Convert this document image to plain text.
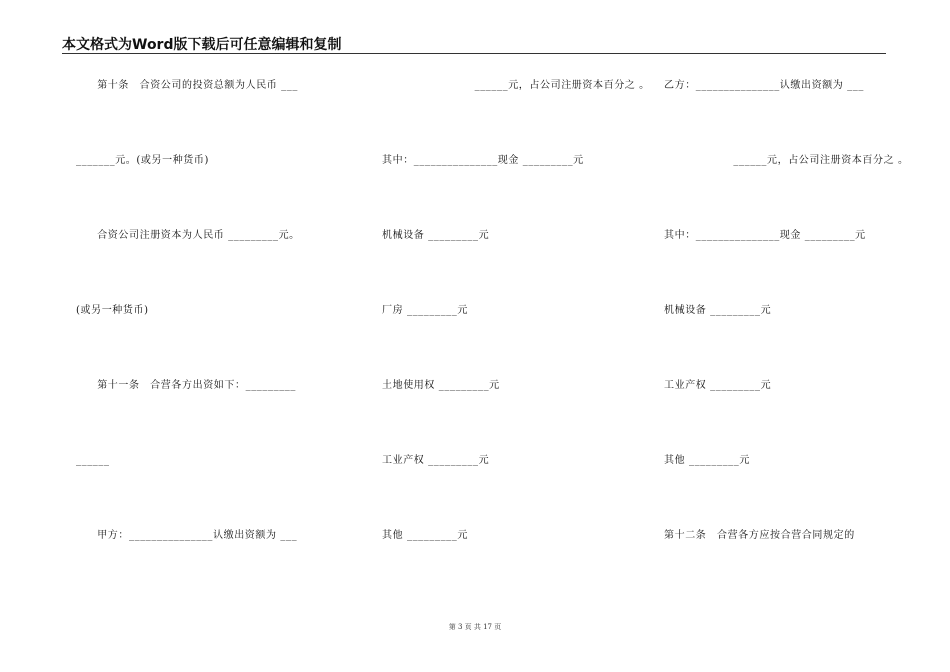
本文格式为Word版下载后可任意编辑和复制
　　第十条　合资公司的投资总额为人民币 ___
_______元。(或另一种货币)
　　合资公司注册资本为人民币 _________元。
(或另一种货币)
　　第十一条　合营各方出资如下：_________
______
　　甲方：_______________认缴出资额为 ___
　　　　　　　　　　　______元，占公司注册资本百分之 。
其中：_______________现金 _________元
机械设备 _________元
厂房 _________元
土地使用权 _________元
工业产权 _________元
其他 _________元
乙方：_______________认缴出资额为 ___
　　　　　　　　　______元，占公司注册资本百分之 。
其中：_______________现金 _________元
机械设备 _________元
工业产权 _________元
其他 _________元
第十二条　合营各方应按合营合同规定的
第 3 页 共 17 页
